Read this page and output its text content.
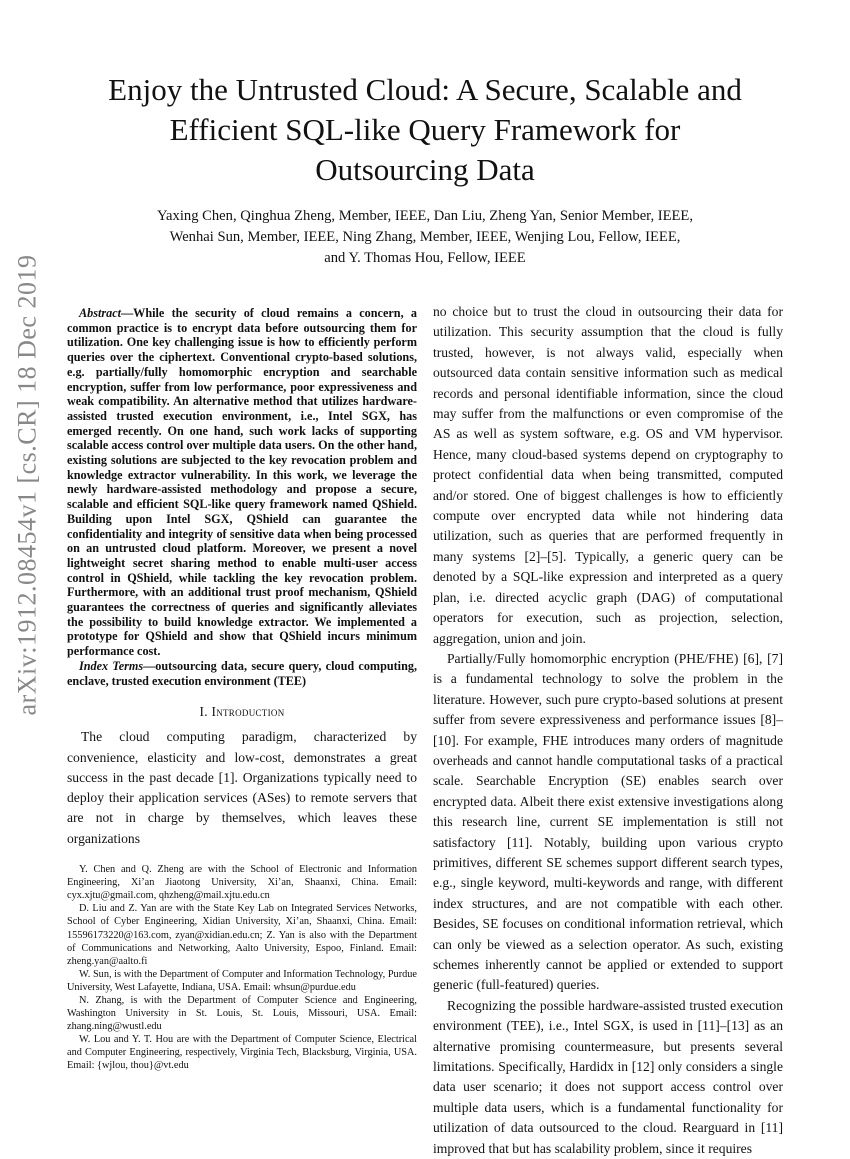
arXiv:1912.08454v1 [cs.CR] 18 Dec 2019
Enjoy the Untrusted Cloud: A Secure, Scalable and
Efficient SQL-like Query Framework for
Outsourcing Data
Yaxing Chen, Qinghua Zheng, Member, IEEE, Dan Liu, Zheng Yan, Senior Member, IEEE,
Wenhai Sun, Member, IEEE, Ning Zhang, Member, IEEE, Wenjing Lou, Fellow, IEEE,
and Y. Thomas Hou, Fellow, IEEE

Abstract—While the security of cloud remains a concern, a common practice is to encrypt data before outsourcing them for utilization. One key challenging issue is how to efficiently perform queries over the ciphertext. Conventional crypto-based solutions, e.g. partially/fully homomorphic encryption and searchable encryption, suffer from low performance, poor expressiveness and weak compatibility. An alternative method that utilizes hardware-assisted trusted execution environment, i.e., Intel SGX, has emerged recently. On one hand, such work lacks of supporting scalable access control over multiple data users. On the other hand, existing solutions are subjected to the key revocation problem and knowledge extractor vulnerability. In this work, we leverage the newly hardware-assisted methodology and propose a secure, scalable and efficient SQL-like query framework named QShield. Building upon Intel SGX, QShield can guarantee the confidentiality and integrity of sensitive data when being processed on an untrusted cloud platform. Moreover, we present a novel lightweight secret sharing method to enable multi-user access control in QShield, while tackling the key revocation problem. Furthermore, with an additional trust proof mechanism, QShield guarantees the correctness of queries and significantly alleviates the possibility to build knowledge extractor. We implemented a prototype for QShield and show that QShield incurs minimum performance cost.

Index Terms—outsourcing data, secure query, cloud computing, enclave, trusted execution environment (TEE)

I. Introduction

The cloud computing paradigm, characterized by convenience, elasticity and low-cost, demonstrates a great success in the past decade [1]. Organizations typically need to deploy their application services (ASes) to remote servers that are not in charge by themselves, which leaves these organizations

Y. Chen and Q. Zheng are with the School of Electronic and Information Engineering, Xi’an Jiaotong University, Xi’an, Shaanxi, China. Email: cyx.xjtu@gmail.com, qhzheng@mail.xjtu.edu.cn

D. Liu and Z. Yan are with the State Key Lab on Integrated Services Networks, School of Cyber Engineering, Xidian University, Xi’an, Shaanxi, China. Email: 15596173220@163.com, zyan@xidian.edu.cn; Z. Yan is also with the Department of Communications and Networking, Aalto University, Espoo, Finland. Email: zheng.yan@aalto.fi

W. Sun, is with the Department of Computer and Information Technology, Purdue University, West Lafayette, Indiana, USA. Email: whsun@purdue.edu

N. Zhang, is with the Department of Computer Science and Engineering, Washington University in St. Louis, St. Louis, Missouri, USA. Email: zhang.ning@wustl.edu

W. Lou and Y. T. Hou are with the Department of Computer Science, Electrical and Computer Engineering, respectively, Virginia Tech, Blacksburg, Virginia, USA. Email: {wjlou, thou}@vt.edu

no choice but to trust the cloud in outsourcing their data for utilization. This security assumption that the cloud is fully trusted, however, is not always valid, especially when outsourced data contain sensitive information such as medical records and personal identifiable information, since the cloud may suffer from the malfunctions or even compromise of the AS as well as system software, e.g. OS and VM hypervisor. Hence, many cloud-based systems depend on cryptography to protect confidential data when being transmitted, computed and/or stored. One of biggest challenges is how to efficiently compute over encrypted data while not hindering data utilization, such as queries that are performed frequently in many systems [2]–[5]. Typically, a generic query can be denoted by a SQL-like expression and interpreted as a query plan, i.e. directed acyclic graph (DAG) of computational operators for execution, such as projection, selection, aggregation, union and join.

Partially/Fully homomorphic encryption (PHE/FHE) [6], [7] is a fundamental technology to solve the problem in the literature. However, such pure crypto-based solutions at present suffer from severe expressiveness and performance issues [8]–[10]. For example, FHE introduces many orders of magnitude overheads and cannot handle computational tasks of a practical scale. Searchable Encryption (SE) enables search over encrypted data. Albeit there exist extensive investigations along this research line, current SE implementation is still not satisfactory [11]. Notably, building upon various crypto primitives, different SE schemes support different search types, e.g., single keyword, multi-keywords and range, with different index structures, and are not compatible with each other. Besides, SE focuses on conditional information retrieval, which can only be viewed as a selection operator. As such, existing schemes inherently cannot be applied or extended to support generic (full-featured) queries.

Recognizing the possible hardware-assisted trusted execution environment (TEE), i.e., Intel SGX, is used in [11]–[13] as an alternative promising countermeasure, but presents several limitations. Specifically, Hardidx in [12] only considers a single data user scenario; it does not support access control over multiple data users, which is a fundamental functionality for utilization of data outsourced to the cloud. Rearguard in [11] improved that but has scalability problem, since it requires
